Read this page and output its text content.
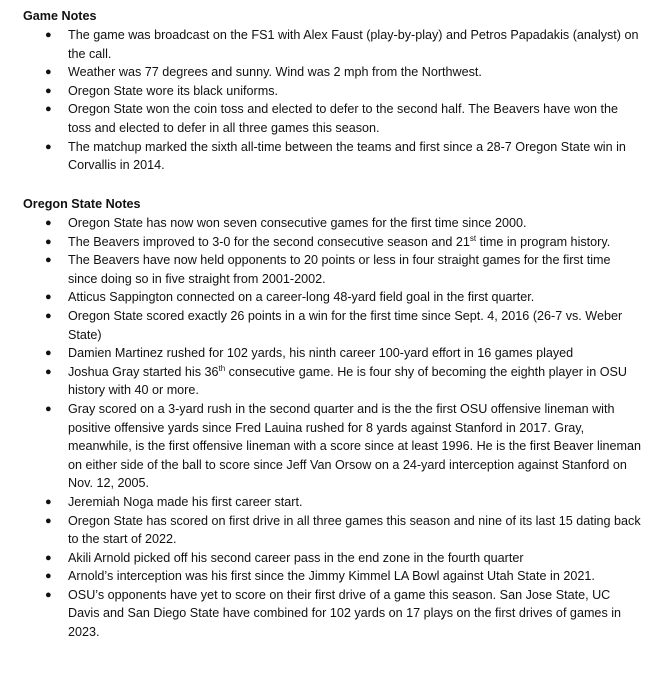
Game Notes

● The game was broadcast on the FS1 with Alex Faust (play-by-play) and Petros Papadakis (analyst) on the call.
● Weather was 77 degrees and sunny. Wind was 2 mph from the Northwest.
● Oregon State wore its black uniforms.
● Oregon State won the coin toss and elected to defer to the second half. The Beavers have won the toss and elected to defer in all three games this season.
● The matchup marked the sixth all-time between the teams and first since a 28-7 Oregon State win in Corvallis in 2014.

Oregon State Notes

● Oregon State has now won seven consecutive games for the first time since 2000.
● The Beavers improved to 3-0 for the second consecutive season and 21st time in program history.
● The Beavers have now held opponents to 20 points or less in four straight games for the first time since doing so in five straight from 2001-2002.
● Atticus Sappington connected on a career-long 48-yard field goal in the first quarter.
● Oregon State scored exactly 26 points in a win for the first time since Sept. 4, 2016 (26-7 vs. Weber State)
● Damien Martinez rushed for 102 yards, his ninth career 100-yard effort in 16 games played
● Joshua Gray started his 36th consecutive game. He is four shy of becoming the eighth player in OSU history with 40 or more.
● Gray scored on a 3-yard rush in the second quarter and is the the first OSU offensive lineman with positive offensive yards since Fred Lauina rushed for 8 yards against Stanford in 2017. Gray, meanwhile, is the first offensive lineman with a score since at least 1996. He is the first Beaver lineman on either side of the ball to score since Jeff Van Orsow on a 24-yard interception against Stanford on Nov. 12, 2005.
● Jeremiah Noga made his first career start.
● Oregon State has scored on first drive in all three games this season and nine of its last 15 dating back to the start of 2022.
● Akili Arnold picked off his second career pass in the end zone in the fourth quarter
● Arnold’s interception was his first since the Jimmy Kimmel LA Bowl against Utah State in 2021.
● OSU’s opponents have yet to score on their first drive of a game this season. San Jose State, UC Davis and San Diego State have combined for 102 yards on 17 plays on the first drives of games in 2023.
